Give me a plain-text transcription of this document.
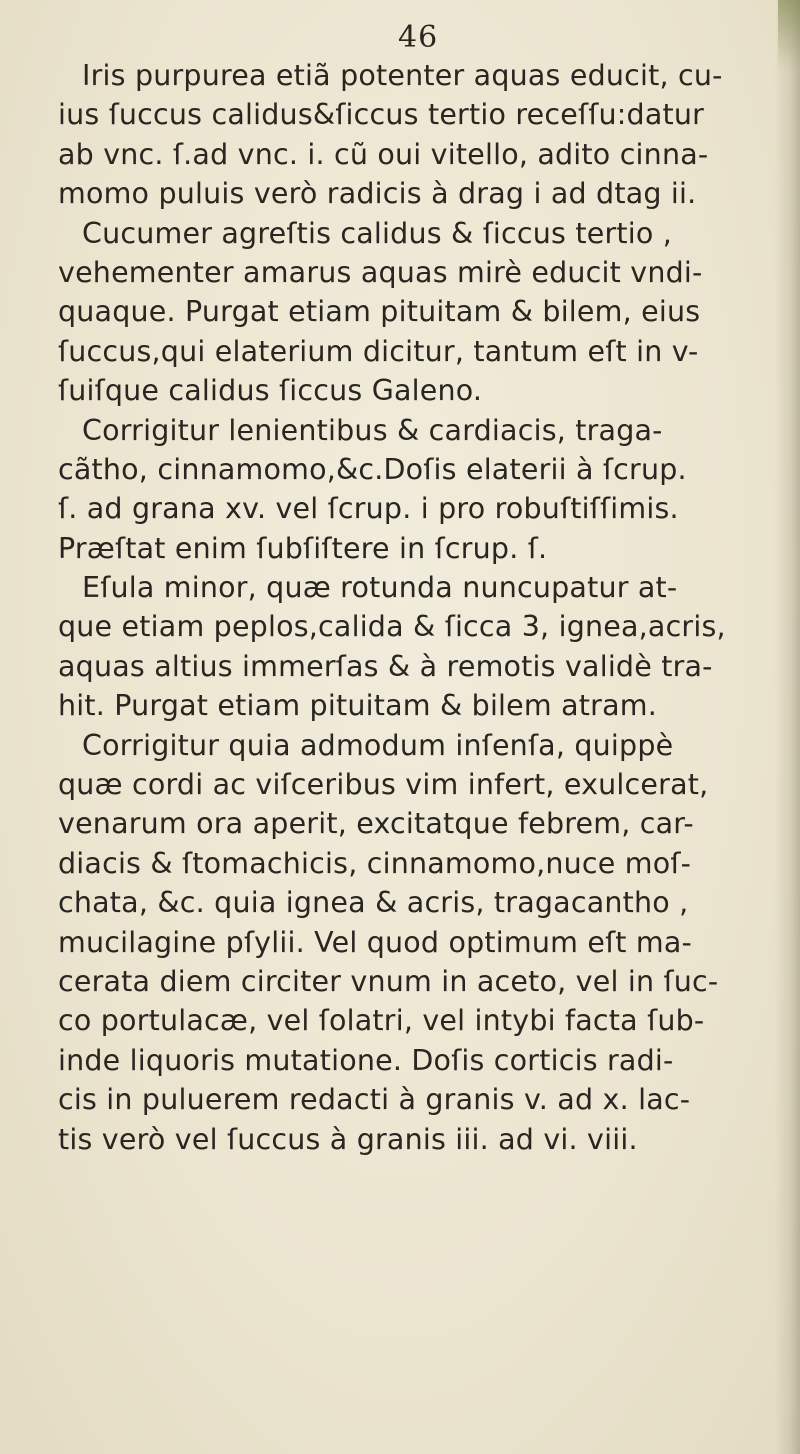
46
Iris purpurea etiã potenter aquas educit, cu-
ius ſuccus calidus&ſiccus tertio receſſu:datur
ab vnc. ſ.ad vnc. i. cũ oui vitello, adito cinna-
momo puluis verò radicis à drag i ad dtag ii.
Cucumer agreſtis calidus & ſiccus tertio ,
vehementer amarus aquas mirè educit vndi-
quaque. Purgat etiam pituitam & bilem, eius
ſuccus,qui elaterium dicitur, tantum eſt in v-
ſuiſque calidus ſiccus Galeno.
Corrigitur lenientibus & cardiacis, traga-
cãtho, cinnamomo,&c.Doſis elaterii à ſcrup.
ſ. ad grana xv. vel ſcrup. i pro robuſtiſſimis.
Præſtat enim ſubſiſtere in ſcrup. ſ.
Eſula minor, quæ rotunda nuncupatur at-
que etiam peplos,calida & ſicca 3, ignea,acris,
aquas altius immerſas & à remotis validè tra-
hit. Purgat etiam pituitam & bilem atram.
Corrigitur quia admodum inſenſa, quippè
quæ cordi ac viſceribus vim infert, exulcerat,
venarum ora aperit, excitatque febrem, car-
diacis & ſtomachicis, cinnamomo,nuce moſ-
chata, &c. quia ignea & acris, tragacantho ,
mucilagine pſylii. Vel quod optimum eſt ma-
cerata diem circiter vnum in aceto, vel in ſuc-
co portulacæ, vel ſolatri, vel intybi facta ſub-
inde liquoris mutatione. Doſis corticis radi-
cis in puluerem redacti à granis v. ad x. lac-
tis verò vel ſuccus à granis iii. ad vi. viii.
